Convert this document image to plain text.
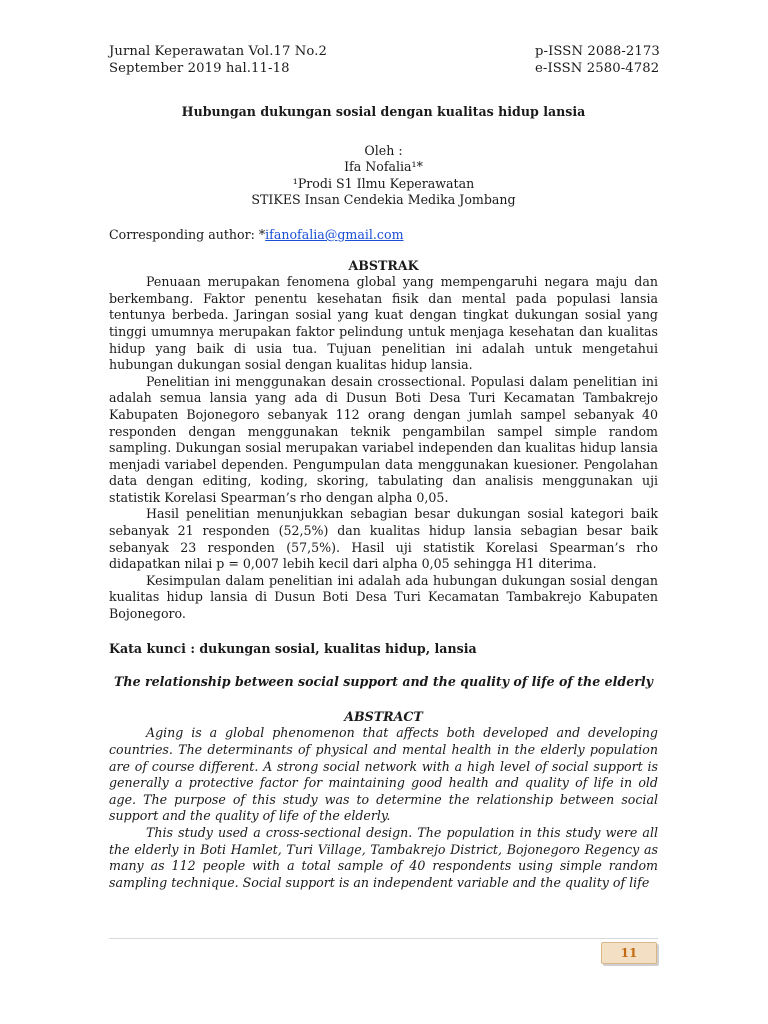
Jurnal Keperawatan Vol.17 No.2
September 2019 hal.11-18
p-ISSN 2088-2173
e-ISSN 2580-4782
Hubungan dukungan sosial dengan kualitas hidup lansia
Oleh :
Ifa Nofalia¹*
¹Prodi S1 Ilmu Keperawatan
STIKES Insan Cendekia Medika Jombang
Corresponding author: *ifanofalia@gmail.com
ABSTRAK

Penuaan merupakan fenomena global yang mempengaruhi negara maju dan berkembang. Faktor penentu kesehatan fisik dan mental pada populasi lansia tentunya berbeda. Jaringan sosial yang kuat dengan tingkat dukungan sosial yang tinggi umumnya merupakan faktor pelindung untuk menjaga kesehatan dan kualitas hidup yang baik di usia tua. Tujuan penelitian ini adalah untuk mengetahui hubungan dukungan sosial dengan kualitas hidup lansia.

Penelitian ini menggunakan desain crossectional. Populasi dalam penelitian ini adalah semua lansia yang ada di Dusun Boti Desa Turi Kecamatan Tambakrejo Kabupaten Bojonegoro sebanyak 112 orang dengan jumlah sampel sebanyak 40 responden dengan menggunakan teknik pengambilan sampel simple random sampling. Dukungan sosial merupakan variabel independen dan kualitas hidup lansia menjadi variabel dependen. Pengumpulan data menggunakan kuesioner. Pengolahan data dengan editing, koding, skoring, tabulating dan analisis menggunakan uji statistik Korelasi Spearman’s rho dengan alpha 0,05.

Hasil penelitian menunjukkan sebagian besar dukungan sosial kategori baik sebanyak 21 responden (52,5%) dan kualitas hidup lansia sebagian besar baik sebanyak 23 responden (57,5%). Hasil uji statistik Korelasi Spearman’s rho didapatkan nilai p = 0,007 lebih kecil dari alpha 0,05 sehingga H1 diterima.

Kesimpulan dalam penelitian ini adalah ada hubungan dukungan sosial dengan kualitas hidup lansia di Dusun Boti Desa Turi Kecamatan Tambakrejo Kabupaten Bojonegoro.

Kata kunci : dukungan sosial, kualitas hidup, lansia
The relationship between social support and the quality of life of the elderly
ABSTRACT

Aging is a global phenomenon that affects both developed and developing countries. The determinants of physical and mental health in the elderly population are of course different. A strong social network with a high level of social support is generally a protective factor for maintaining good health and quality of life in old age. The purpose of this study was to determine the relationship between social support and the quality of life of the elderly.

This study used a cross-sectional design. The population in this study were all the elderly in Boti Hamlet, Turi Village, Tambakrejo District, Bojonegoro Regency as many as 112 people with a total sample of 40 respondents using simple random sampling technique. Social support is an independent variable and the quality of life

11
